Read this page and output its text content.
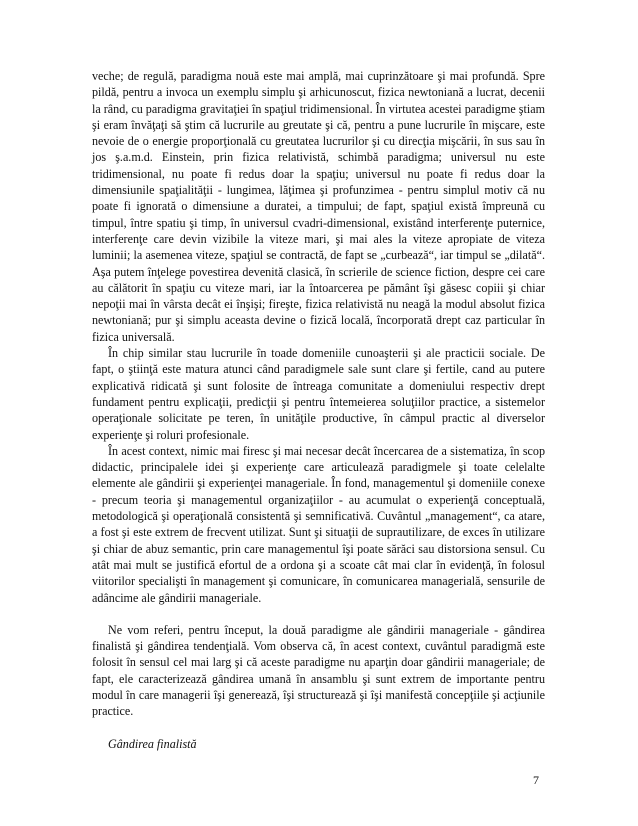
veche; de regulă, paradigma nouă este mai amplă, mai cuprinzătoare şi mai profundă. Spre pildă, pentru a invoca un exemplu simplu şi arhicunoscut, fizica newtoniană a lucrat, decenii la rând, cu paradigma gravitaţiei în spaţiul tridimensional. În virtutea acestei paradigme ştiam şi eram învăţaţi să ştim că lucrurile au greutate şi că, pentru a pune lucrurile în mişcare, este nevoie de o energie proporţională cu greutatea lucrurilor şi cu direcţia mişcării, în sus sau în jos ş.a.m.d. Einstein, prin fizica relativistă, schimbă paradigma; universul nu este tridimensional, nu poate fi redus doar la spaţiu; universul nu poate fi redus doar la dimensiunile spaţialităţii - lungimea, lăţimea şi profunzimea - pentru simplul motiv că nu poate fi ignorată o dimensiune a duratei, a timpului; de fapt, spaţiul există împreună cu timpul, între spatiu şi timp, în universul cvadri-dimensional, existând interferenţe puternice, interferenţe care devin vizibile la viteze mari, şi mai ales la viteze apropiate de viteza luminii; la asemenea viteze, spaţiul se contractă, de fapt se „curbează“, iar timpul se „dilată“. Aşa putem înţelege povestirea devenită clasică, în scrierile de science fiction, despre cei care au călătorit în spaţiu cu viteze mari, iar la întoarcerea pe pământ îşi găsesc copiii şi chiar nepoţii mai în vârsta decât ei înşişi; fireşte, fizica relativistă nu neagă la modul absolut fizica newtoniană; pur şi simplu aceasta devine o fizică locală, încorporată drept caz particular în fizica universală.

În chip similar stau lucrurile în toade domeniile cunoaşterii şi ale practicii sociale. De fapt, o ştiinţă este matura atunci când paradigmele sale sunt clare şi fertile, cand au putere explicativă ridicată şi sunt folosite de întreaga comunitate a domeniului respectiv drept fundament pentru explicaţii, predicţii şi pentru întemeierea soluţiilor practice, a sistemelor operaţionale solicitate pe teren, în unităţile productive, în câmpul practic al diverselor experienţe şi roluri profesionale.

În acest context, nimic mai firesc şi mai necesar decât încercarea de a sistematiza, în scop didactic, principalele idei şi experienţe care articulează paradigmele şi toate celelalte elemente ale gândirii şi experienţei manageriale. În fond, managementul şi domeniile conexe - precum teoria şi managementul organizaţiilor - au acumulat o experienţă conceptuală, metodologică şi operaţională consistentă şi semnificativă. Cuvântul „management“, ca atare, a fost şi este extrem de frecvent utilizat. Sunt şi situaţii de suprautilizare, de exces în utilizare şi chiar de abuz semantic, prin care managementul îşi poate sărăci sau distorsiona sensul. Cu atât mai mult se justifică efortul de a ordona şi a scoate cât mai clar în evidenţă, în folosul viitorilor specialişti în management şi comunicare, în comunicarea managerială, sensurile de adâncime ale gândirii manageriale.

Ne vom referi, pentru început, la două paradigme ale gândirii manageriale - gândirea finalistă şi gândirea tendenţială. Vom observa că, în acest context, cuvântul paradigmă este folosit în sensul cel mai larg şi că aceste paradigme nu aparţin doar gândirii manageriale; de fapt, ele caracterizează gândirea umană în ansamblu şi sunt extrem de importante pentru modul în care managerii îşi generează, îşi structurează şi îşi manifestă concepţiile şi acţiunile practice.

Gândirea finalistă

7
